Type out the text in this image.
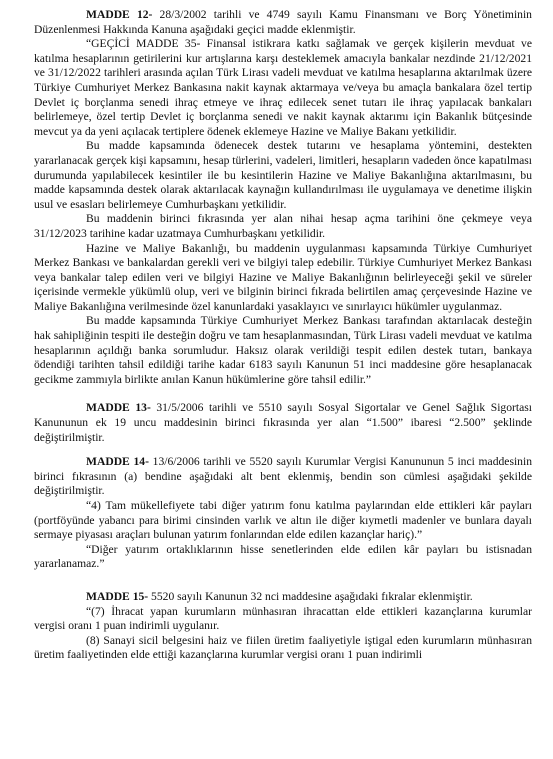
MADDE 12- 28/3/2002 tarihli ve 4749 sayılı Kamu Finansmanı ve Borç Yönetiminin Düzenlenmesi Hakkında Kanuna aşağıdaki geçici madde eklenmiştir.

“GEÇİCİ MADDE 35- Finansal istikrara katkı sağlamak ve gerçek kişilerin mevduat ve katılma hesaplarının getirilerini kur artışlarına karşı desteklemek amacıyla bankalar nezdinde 21/12/2021 ve 31/12/2022 tarihleri arasında açılan Türk Lirası vadeli mevduat ve katılma hesaplarına aktarılmak üzere Türkiye Cumhuriyet Merkez Bankasına nakit kaynak aktarmaya ve/veya bu amaçla bankalara özel tertip Devlet iç borçlanma senedi ihraç etmeye ve ihraç edilecek senet tutarı ile ihraç yapılacak bankaları belirlemeye, özel tertip Devlet iç borçlanma senedi ve nakit kaynak aktarımı için Bakanlık bütçesinde mevcut ya da yeni açılacak tertiplere ödenek eklemeye Hazine ve Maliye Bakanı yetkilidir.

Bu madde kapsamında ödenecek destek tutarını ve hesaplama yöntemini, destekten yararlanacak gerçek kişi kapsamını, hesap türlerini, vadeleri, limitleri, hesapların vadeden önce kapatılması durumunda yapılabilecek kesintiler ile bu kesintilerin Hazine ve Maliye Bakanlığına aktarılmasını, bu madde kapsamında destek olarak aktarılacak kaynağın kullandırılması ile uygulamaya ve denetime ilişkin usul ve esasları belirlemeye Cumhurbaşkanı yetkilidir.

Bu maddenin birinci fıkrasında yer alan nihai hesap açma tarihini öne çekmeye veya 31/12/2023 tarihine kadar uzatmaya Cumhurbaşkanı yetkilidir.

Hazine ve Maliye Bakanlığı, bu maddenin uygulanması kapsamında Türkiye Cumhuriyet Merkez Bankası ve bankalardan gerekli veri ve bilgiyi talep edebilir. Türkiye Cumhuriyet Merkez Bankası veya bankalar talep edilen veri ve bilgiyi Hazine ve Maliye Bakanlığının belirleyeceği şekil ve süreler içerisinde vermekle yükümlü olup, veri ve bilginin birinci fıkrada belirtilen amaç çerçevesinde Hazine ve Maliye Bakanlığına verilmesinde özel kanunlardaki yasaklayıcı ve sınırlayıcı hükümler uygulanmaz.

Bu madde kapsamında Türkiye Cumhuriyet Merkez Bankası tarafından aktarılacak desteğin hak sahipliğinin tespiti ile desteğin doğru ve tam hesaplanmasından, Türk Lirası vadeli mevduat ve katılma hesaplarının açıldığı banka sorumludur. Haksız olarak verildiği tespit edilen destek tutarı, bankaya ödendiği tarihten tahsil edildiği tarihe kadar 6183 sayılı Kanunun 51 inci maddesine göre hesaplanacak gecikme zammıyla birlikte anılan Kanun hükümlerine göre tahsil edilir.”

MADDE 13- 31/5/2006 tarihli ve 5510 sayılı Sosyal Sigortalar ve Genel Sağlık Sigortası Kanununun ek 19 uncu maddesinin birinci fıkrasında yer alan “1.500” ibaresi “2.500” şeklinde değiştirilmiştir.

MADDE 14- 13/6/2006 tarihli ve 5520 sayılı Kurumlar Vergisi Kanununun 5 inci maddesinin birinci fıkrasının (a) bendine aşağıdaki alt bent eklenmiş, bendin son cümlesi aşağıdaki şekilde değiştirilmiştir.

“4) Tam mükellefiyete tabi diğer yatırım fonu katılma paylarından elde ettikleri kâr payları (portföyünde yabancı para birimi cinsinden varlık ve altın ile diğer kıymetli madenler ve bunlara dayalı sermaye piyasası araçları bulunan yatırım fonlarından elde edilen kazançlar hariç).”

“Diğer yatırım ortaklıklarının hisse senetlerinden elde edilen kâr payları bu istisnadan yararlanamaz.”

MADDE 15- 5520 sayılı Kanunun 32 nci maddesine aşağıdaki fıkralar eklenmiştir.

“(7) İhracat yapan kurumların münhasıran ihracattan elde ettikleri kazançlarına kurumlar vergisi oranı 1 puan indirimli uygulanır.

(8) Sanayi sicil belgesini haiz ve fiilen üretim faaliyetiyle iştigal eden kurumların münhasıran üretim faaliyetinden elde ettiği kazançlarına kurumlar vergisi oranı 1 puan indirimli
